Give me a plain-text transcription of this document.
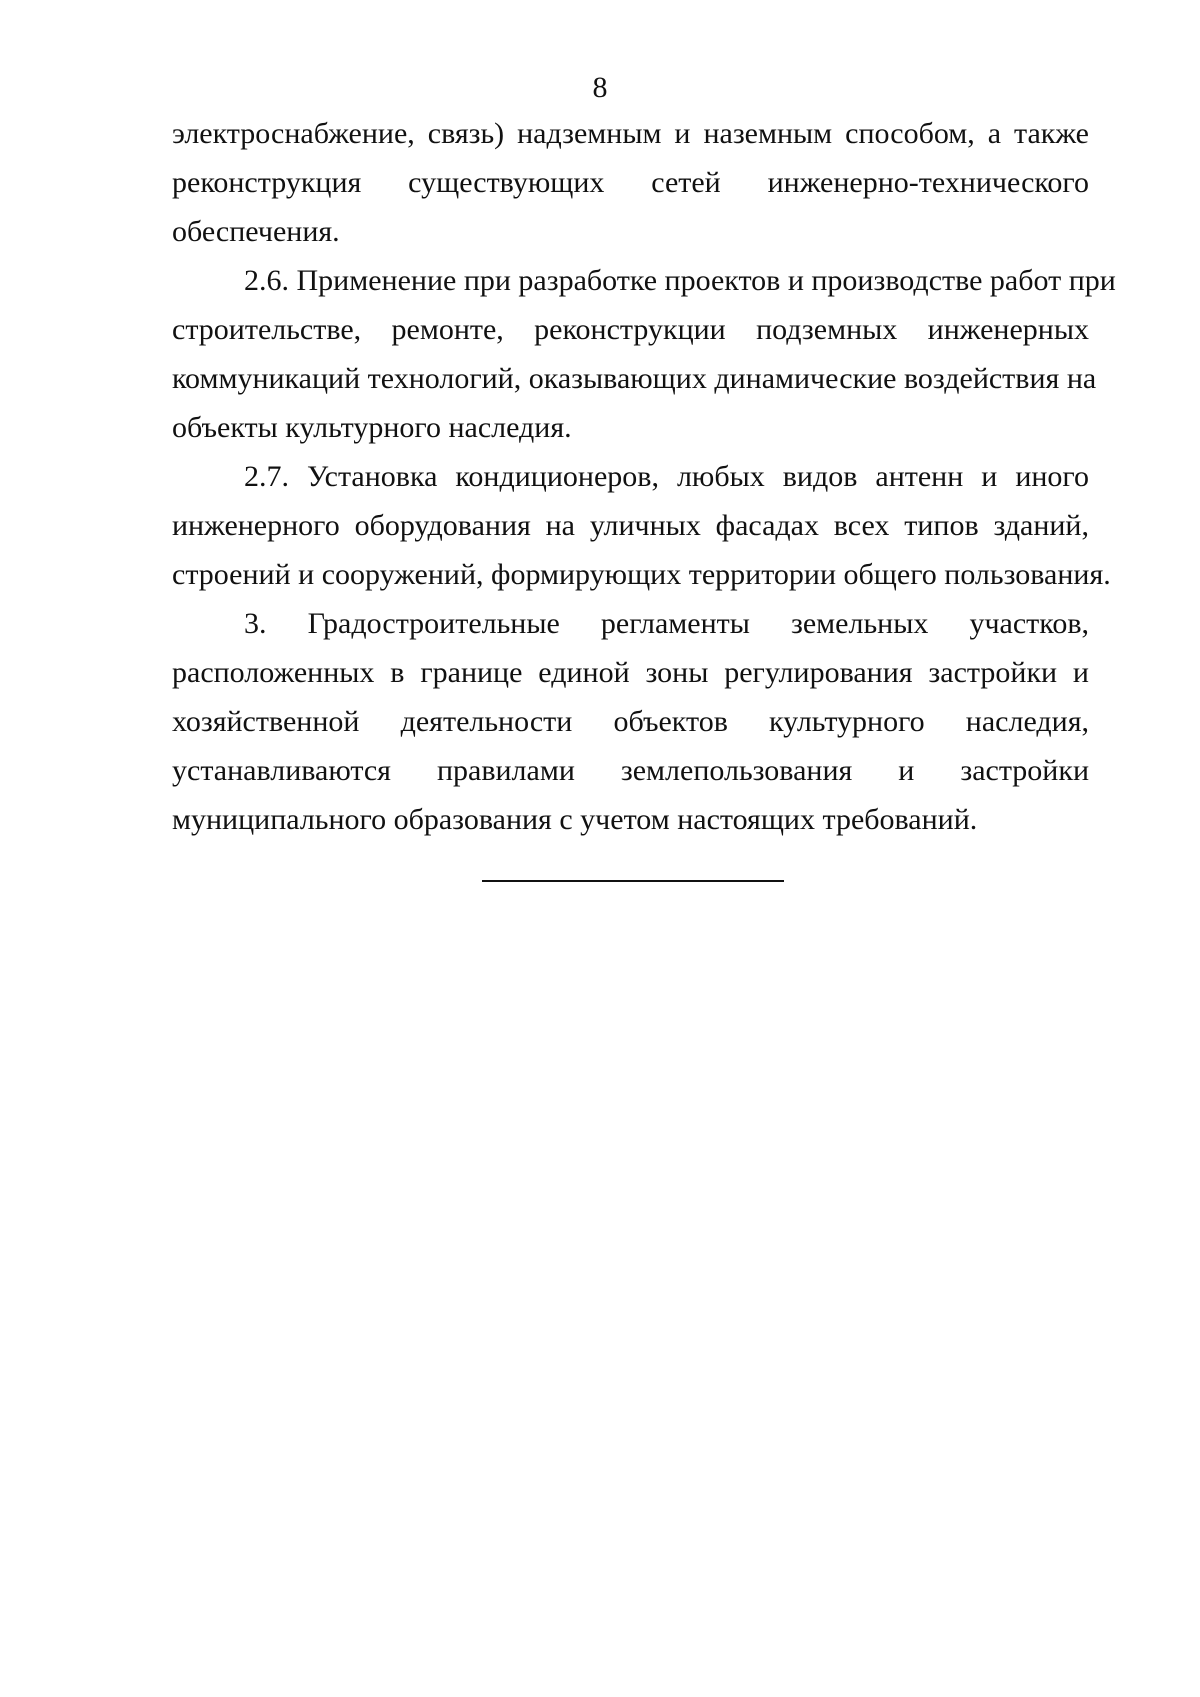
8
электроснабжение, связь) надземным и наземным способом, а также
реконструкция существующих сетей инженерно-технического
обеспечения.
2.6. Применение при разработке проектов и производстве работ при
строительстве, ремонте, реконструкции подземных инженерных
коммуникаций технологий, оказывающих динамические воздействия на
объекты культурного наследия.
2.7. Установка кондиционеров, любых видов антенн и иного
инженерного оборудования на уличных фасадах всех типов зданий,
строений и сооружений, формирующих территории общего пользования.
3. Градостроительные регламенты земельных участков,
расположенных в границе единой зоны регулирования застройки и
хозяйственной деятельности объектов культурного наследия,
устанавливаются правилами землепользования и застройки
муниципального образования с учетом настоящих требований.
